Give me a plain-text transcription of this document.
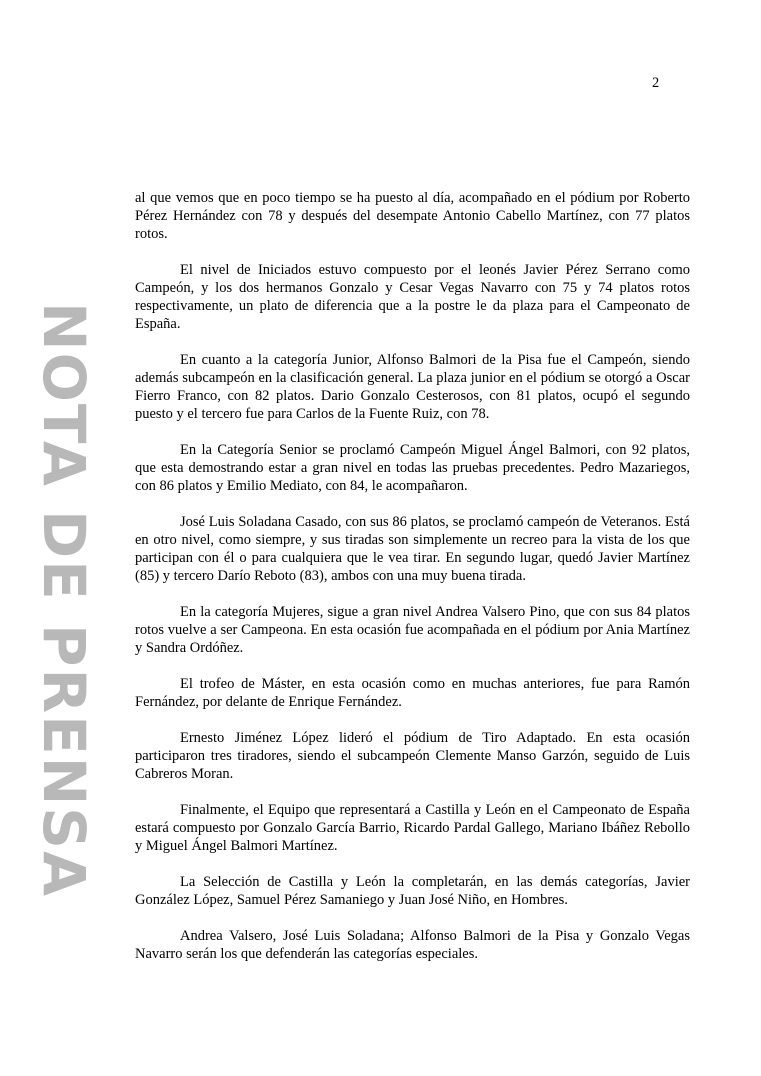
2
NOTA DE PRENSA

al que vemos que en poco tiempo se ha puesto al día, acompañado en el pódium por Roberto Pérez Hernández con 78 y después del desempate Antonio Cabello Martínez, con 77 platos rotos.

El nivel de Iniciados estuvo compuesto por el leonés Javier Pérez Serrano como Campeón, y los dos hermanos Gonzalo y Cesar Vegas Navarro con 75 y 74 platos rotos respectivamente, un plato de diferencia que a la postre le da plaza para el Campeonato de España.

En cuanto a la categoría Junior, Alfonso Balmori de la Pisa fue el Campeón, siendo además subcampeón en la clasificación general. La plaza junior en el pódium se otorgó a Oscar Fierro Franco, con 82 platos. Dario Gonzalo Cesterosos, con 81 platos, ocupó el segundo puesto y el tercero fue para Carlos de la Fuente Ruiz, con 78.

En la Categoría Senior se proclamó Campeón Miguel Ángel Balmori, con 92 platos, que esta demostrando estar a gran nivel en todas las pruebas precedentes. Pedro Mazariegos, con 86 platos y Emilio Mediato, con 84, le acompañaron.

José Luis Soladana Casado, con sus 86 platos, se proclamó campeón de Veteranos. Está en otro nivel, como siempre, y sus tiradas son simplemente un recreo para la vista de los que participan con él o para cualquiera que le vea tirar. En segundo lugar, quedó Javier Martínez (85) y tercero Darío Reboto (83), ambos con una muy buena tirada.

En la categoría Mujeres, sigue a gran nivel Andrea Valsero Pino, que con sus 84 platos rotos vuelve a ser Campeona. En esta ocasión fue acompañada en el pódium por Ania Martínez y Sandra Ordóñez.

El trofeo de Máster, en esta ocasión como en muchas anteriores, fue para Ramón Fernández, por delante de Enrique Fernández.

Ernesto Jiménez López lideró el pódium de Tiro Adaptado. En esta ocasión participaron tres tiradores, siendo el subcampeón Clemente Manso Garzón, seguido de Luis Cabreros Moran.

Finalmente, el Equipo que representará a Castilla y León en el Campeonato de España estará compuesto por Gonzalo García Barrio, Ricardo Pardal Gallego, Mariano Ibáñez Rebollo y Miguel Ángel Balmori Martínez.

La Selección de Castilla y León la completarán, en las demás categorías, Javier González López, Samuel Pérez Samaniego y Juan José Niño, en Hombres.

Andrea Valsero, José Luis Soladana; Alfonso Balmori de la Pisa y Gonzalo Vegas Navarro serán los que defenderán las categorías especiales.
